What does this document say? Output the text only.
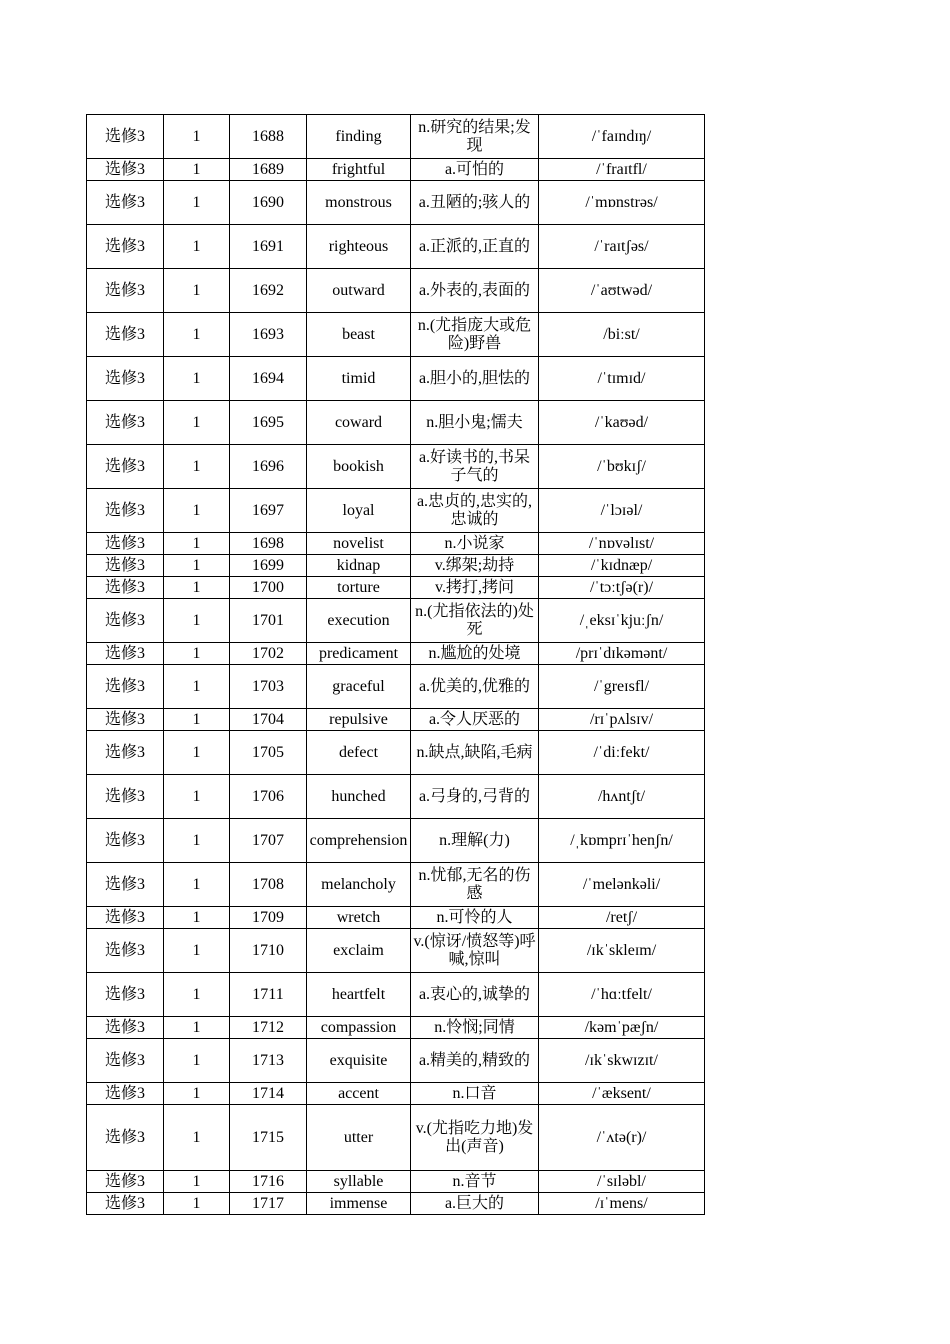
选修3	1	1688	finding	n.研究的结果;发现	/ˈfaɪndɪŋ/
选修3	1	1689	frightful	a.可怕的	/ˈfraɪtfl/
选修3	1	1690	monstrous	a.丑陋的;骇人的	/ˈmɒnstrəs/
选修3	1	1691	righteous	a.正派的,正直的	/ˈraɪtʃəs/
选修3	1	1692	outward	a.外表的,表面的	/ˈaʊtwəd/
选修3	1	1693	beast	n.(尤指庞大或危险)野兽	/biːst/
选修3	1	1694	timid	a.胆小的,胆怯的	/ˈtɪmɪd/
选修3	1	1695	coward	n.胆小鬼;懦夫	/ˈkaʊəd/
选修3	1	1696	bookish	a.好读书的,书呆子气的	/ˈbʊkɪʃ/
选修3	1	1697	loyal	a.忠贞的,忠实的,忠诚的	/ˈlɔɪəl/
选修3	1	1698	novelist	n.小说家	/ˈnɒvəlɪst/
选修3	1	1699	kidnap	v.绑架;劫持	/ˈkɪdnæp/
选修3	1	1700	torture	v.拷打,拷问	/ˈtɔːtʃə(r)/
选修3	1	1701	execution	n.(尤指依法的)处死	/ˌeksɪˈkjuːʃn/
选修3	1	1702	predicament	n.尴尬的处境	/prɪˈdɪkəmənt/
选修3	1	1703	graceful	a.优美的,优雅的	/ˈgreɪsfl/
选修3	1	1704	repulsive	a.令人厌恶的	/rɪˈpʌlsɪv/
选修3	1	1705	defect	n.缺点,缺陷,毛病	/ˈdiːfekt/
选修3	1	1706	hunched	a.弓身的,弓背的	/hʌntʃt/
选修3	1	1707	comprehension	n.理解(力)	/ˌkɒmprɪˈhenʃn/
选修3	1	1708	melancholy	n.忧郁,无名的伤感	/ˈmelənkəli/
选修3	1	1709	wretch	n.可怜的人	/retʃ/
选修3	1	1710	exclaim	v.(惊讶/愤怒等)呼喊,惊叫	/ɪkˈskleɪm/
选修3	1	1711	heartfelt	a.衷心的,诚挚的	/ˈhɑːtfelt/
选修3	1	1712	compassion	n.怜悯;同情	/kəmˈpæʃn/
选修3	1	1713	exquisite	a.精美的,精致的	/ɪkˈskwɪzɪt/
选修3	1	1714	accent	n.口音	/ˈæksent/
选修3	1	1715	utter	v.(尤指吃力地)发出(声音)	/ˈʌtə(r)/
选修3	1	1716	syllable	n.音节	/ˈsɪləbl/
选修3	1	1717	immense	a.巨大的	/ɪˈmens/
